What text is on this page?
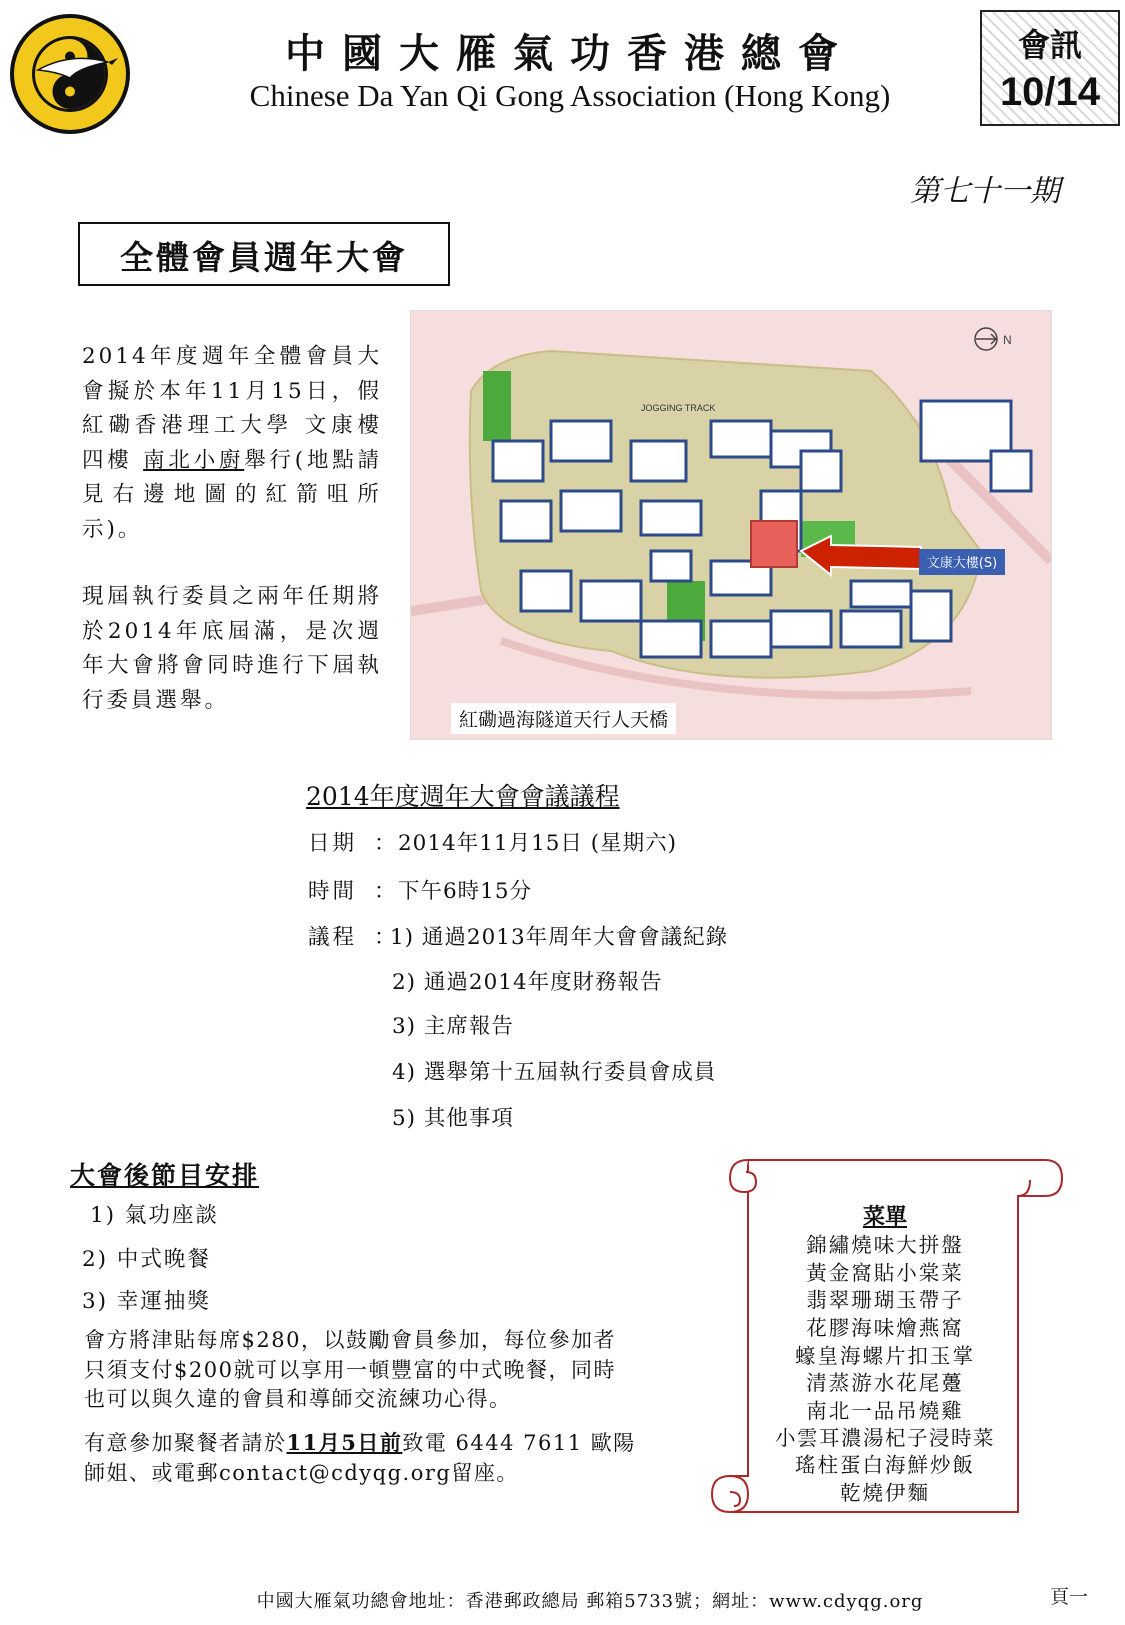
中國大雁氣功香港總會
Chinese Da Yan Qi Gong Association (Hong Kong)
會訊
10/14
第七十一期
全體會員週年大會
2014年度週年全體會員大會擬於本年11月15日，假紅磡香港理工大學 文康樓四樓 南北小廚舉行(地點請見右邊地圖的紅箭咀所示)。
現屆執行委員之兩年任期將於2014年底屆滿，是次週年大會將會同時進行下屆執行委員選舉。
文康大樓(S)
JOGGING TRACK
N
紅磡過海隧道天行人天橋
2014年度週年大會會議議程
日期 ： 2014年11月15日 (星期六)
時間 ： 下午6時15分
議程 ：
1) 通過2013年周年大會會議紀錄
2) 通過2014年度財務報告
3) 主席報告
4) 選舉第十五屆執行委員會成員
5) 其他事項
大會後節目安排
1) 氣功座談
2) 中式晚餐
3) 幸運抽獎
會方將津貼每席$280，以鼓勵會員參加，每位參加者
只須支付$200就可以享用一頓豐富的中式晚餐，同時
也可以與久違的會員和導師交流練功心得。
有意參加聚餐者請於11月5日前致電 6444 7611 歐陽
師姐、或電郵contact@cdyqg.org留座。
菜單
錦繡燒味大拼盤
黃金窩貼小棠菜
翡翠珊瑚玉帶子
花膠海味燴燕窩
蠔皇海螺片扣玉掌
清蒸游水花尾躉
南北一品吊燒雞
小雲耳濃湯杞子浸時菜
瑤柱蛋白海鮮炒飯
乾燒伊麵
中國大雁氣功總會地址：香港郵政總局 郵箱5733號；網址：www.cdyqg.org	頁一
